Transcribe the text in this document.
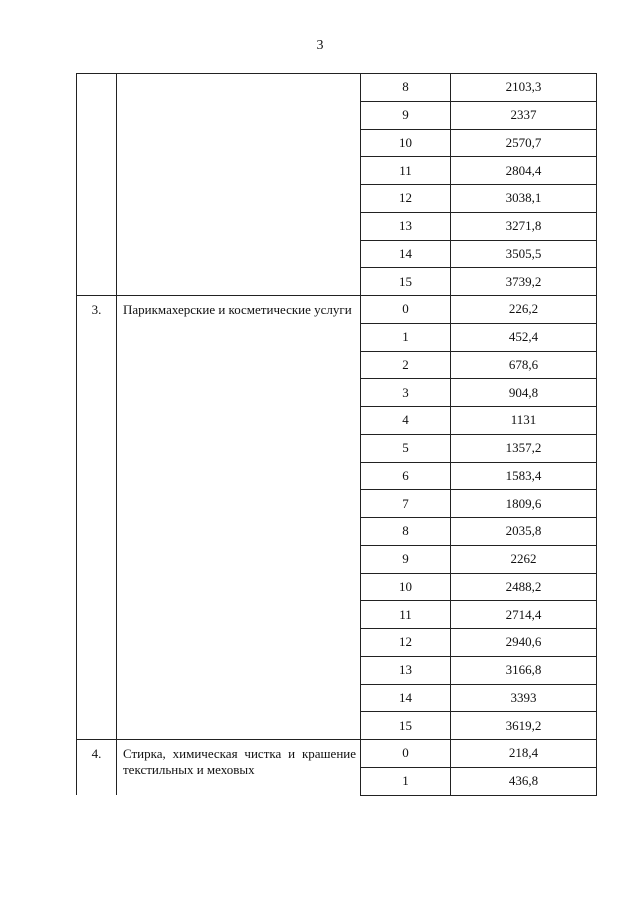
3
		8	2103,3
		9	2337
		10	2570,7
		11	2804,4
		12	3038,1
		13	3271,8
		14	3505,5
		15	3739,2
3.	Парикмахерские и косметические услуги	0	226,2
		1	452,4
		2	678,6
		3	904,8
		4	1131
		5	1357,2
		6	1583,4
		7	1809,6
		8	2035,8
		9	2262
		10	2488,2
		11	2714,4
		12	2940,6
		13	3166,8
		14	3393
		15	3619,2
4.	Стирка, химическая чистка и крашение текстильных и меховых	0	218,4
		1	436,8
